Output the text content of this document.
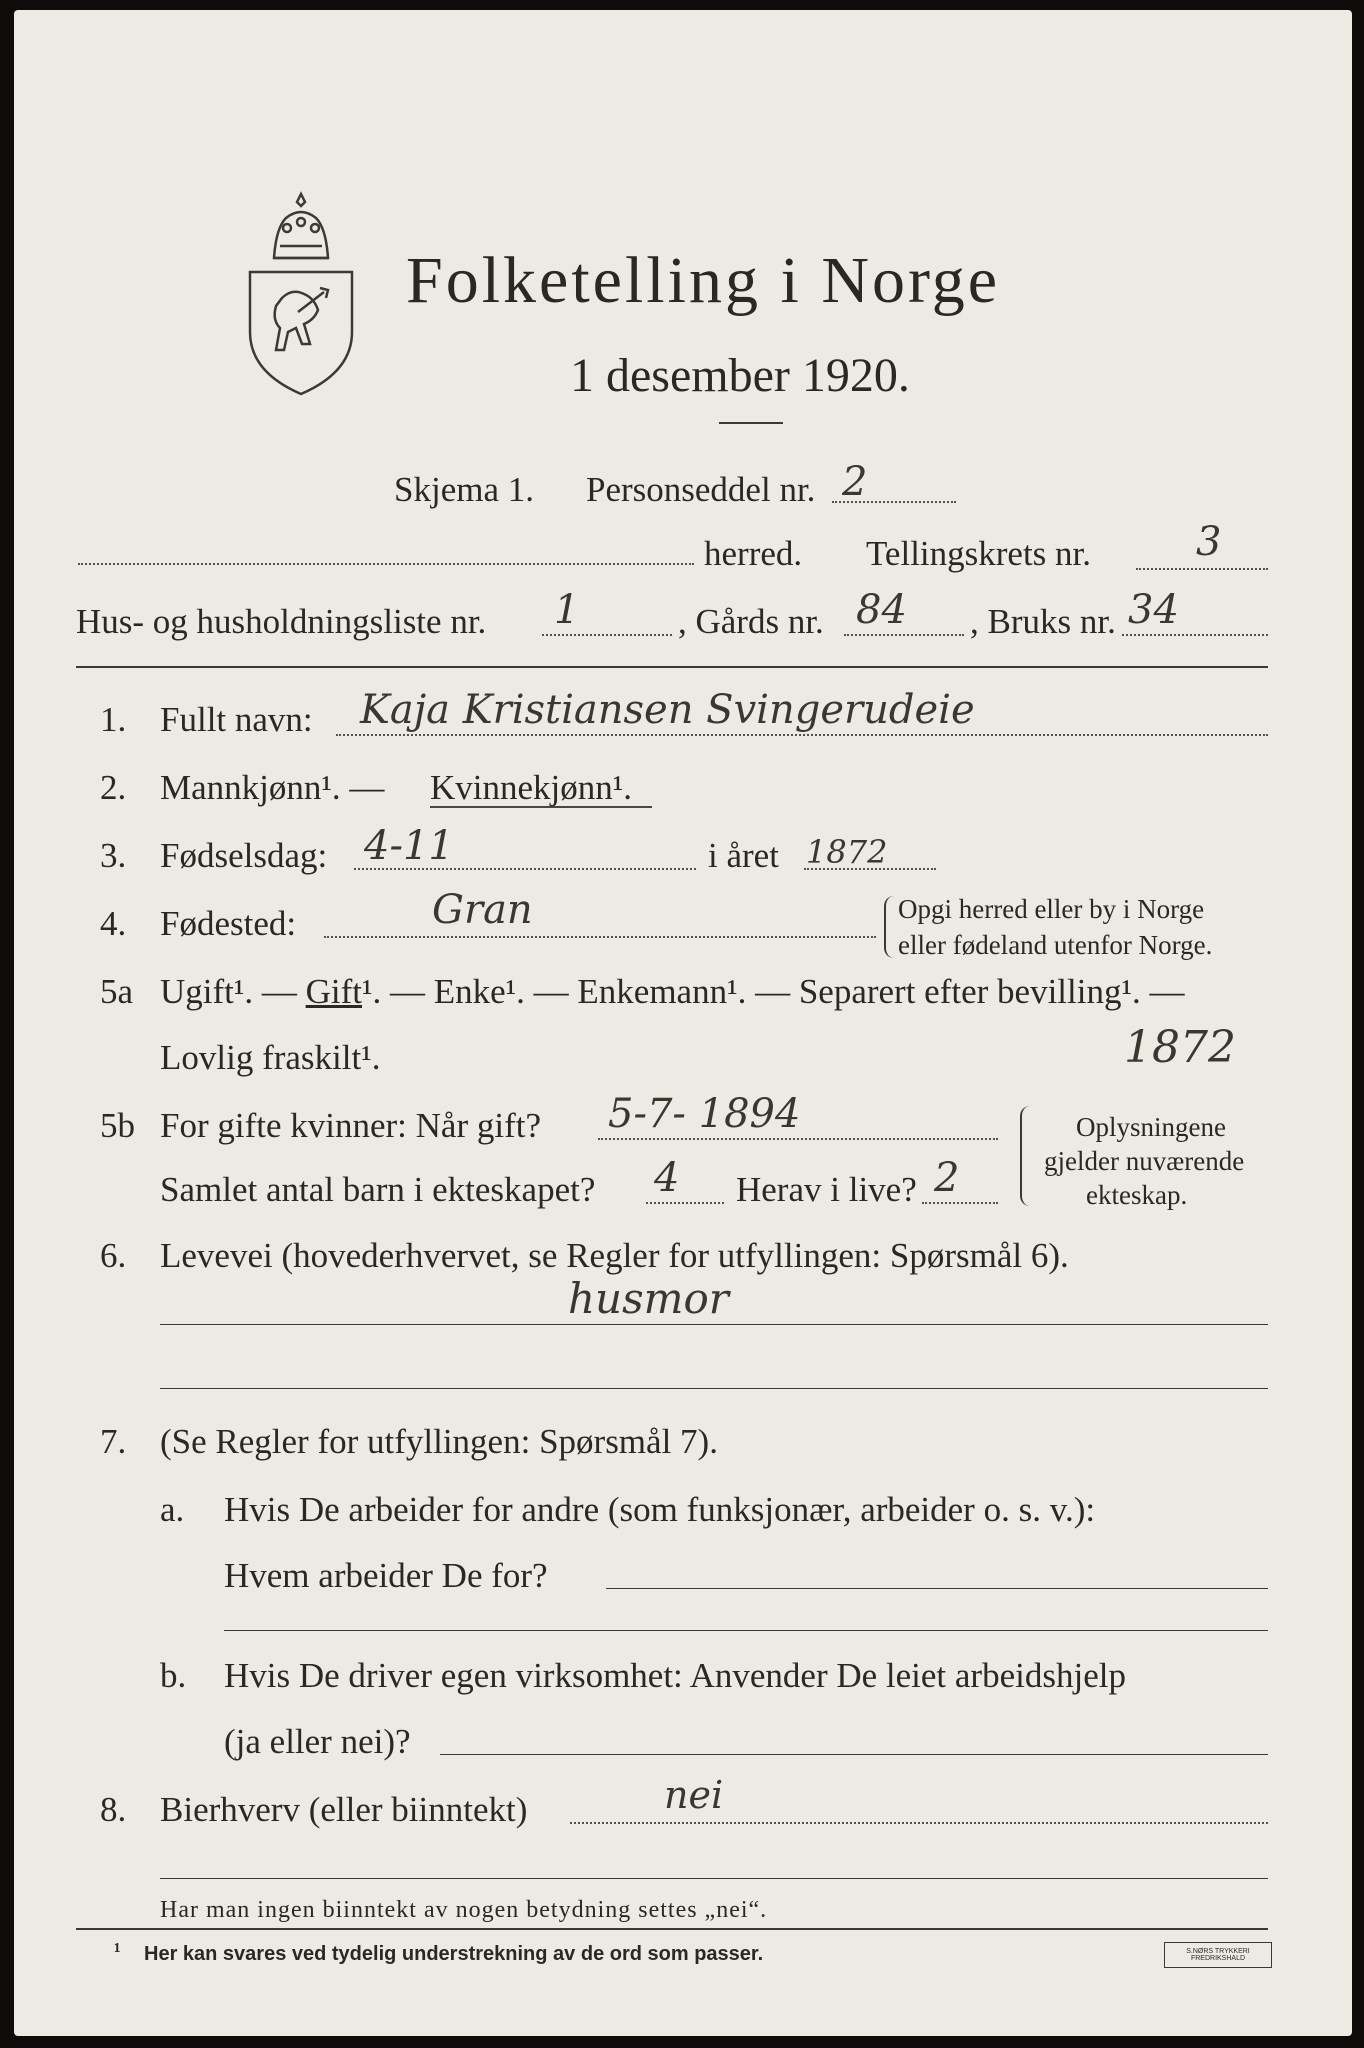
Folketelling i Norge
1 desember 1920.
Skjema 1. Personseddel nr. 2
herred. Tellingskrets nr.	3
Hus- og husholdningsliste nr. 1	, Gårds nr. 84 , Bruks nr. 34
1. Fullt navn: Kaja Kristiansen Svingerudeie
2. Mannkjønn¹. — Kvinnekjønn¹.
3. Fødselsdag: 4-11	i året 1872
4. Fødested:	Gran	Opgi herred eller by i Norge
eller fødeland utenfor Norge.
5a Ugift¹. — Gift¹. — Enke¹. — Enkemann¹. — Separert efter bevilling¹. —
Lovlig fraskilt¹.	1872
5b For gifte kvinner: Når gift? 5-7- 1894
Samlet antal barn i ekteskapet? 4 Herav i live? 2
Oplysningene
gjelder nuværende
ekteskap.
6. Levevei (hovederhvervet, se Regler for utfyllingen: Spørsmål 6).
husmor
7. (Se Regler for utfyllingen: Spørsmål 7).
a. Hvis De arbeider for andre (som funksjonær, arbeider o. s. v.):
Hvem arbeider De for?
b. Hvis De driver egen virksomhet: Anvender De leiet arbeidshjelp
(ja eller nei)?
8. Bierhverv (eller biinntekt)	nei
Har man ingen biinntekt av nogen betydning settes „nei“.
¹ Her kan svares ved tydelig understrekning av de ord som passer.	S.NØRS TRYKKERI FREDRIKSHALD
